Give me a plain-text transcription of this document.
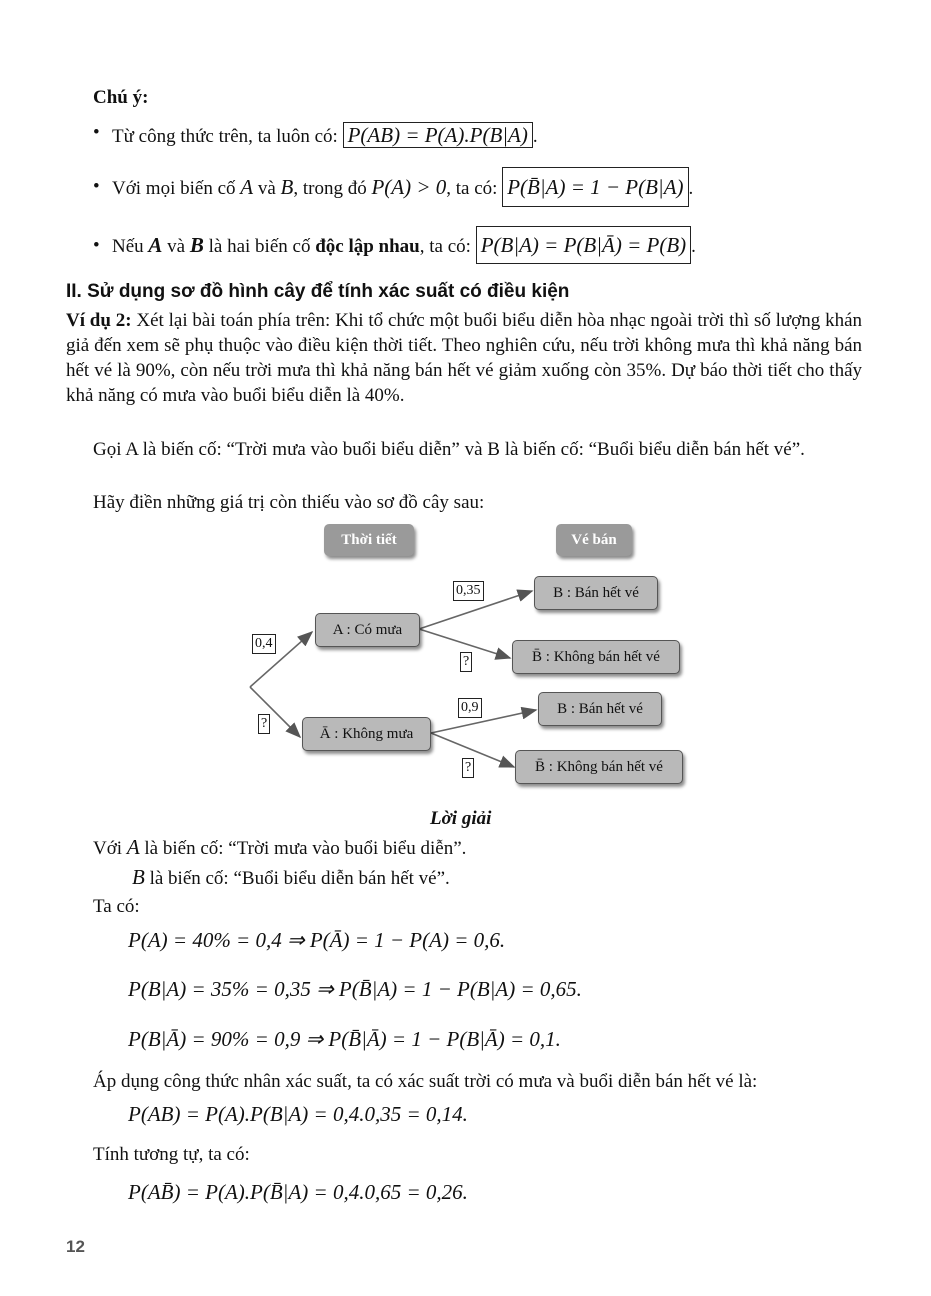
Chú ý:
• Từ công thức trên, ta luôn có: P(AB) = P(A).P(B|A) .
• Với mọi biến cố A và B, trong đó P(A) > 0, ta có: P(B̄|A) = 1 − P(B|A) .
• Nếu A và B là hai biến cố độc lập nhau, ta có: P(B|A) = P(B|Ā) = P(B) .
II. Sử dụng sơ đồ hình cây để tính xác suất có điều kiện
Ví dụ 2: Xét lại bài toán phía trên: Khi tổ chức một buổi biểu diễn hòa nhạc ngoài trời thì số lượng khán giả đến xem sẽ phụ thuộc vào điều kiện thời tiết. Theo nghiên cứu, nếu trời không mưa thì khả năng bán hết vé là 90%, còn nếu trời mưa thì khả năng bán hết vé giảm xuống còn 35%. Dự báo thời tiết cho thấy khả năng có mưa vào buổi biểu diễn là 40%.
Gọi A là biến cố: “Trời mưa vào buổi biểu diễn” và B là biến cố: “Buổi biểu diễn bán hết vé”.
Hãy điền những giá trị còn thiếu vào sơ đồ cây sau:
Thời tiết	Vé bán
A : Có mưa
Ā : Không mưa
B : Bán hết vé
B̄ : Không bán hết vé
B : Bán hết vé
B̄ : Không bán hết vé
0,4
?
0,35
?
0,9
?
Lời giải
Với A là biến cố: “Trời mưa vào buổi biểu diễn”.
B là biến cố: “Buổi biểu diễn bán hết vé”.
Ta có:
P(A) = 40% = 0,4 ⇒ P(Ā) = 1 − P(A) = 0,6.
P(B|A) = 35% = 0,35 ⇒ P(B̄|A) = 1 − P(B|A) = 0,65.
P(B|Ā) = 90% = 0,9 ⇒ P(B̄|Ā) = 1 − P(B|Ā) = 0,1.
Áp dụng công thức nhân xác suất, ta có xác suất trời có mưa và buổi diễn bán hết vé là:
P(AB) = P(A).P(B|A) = 0,4.0,35 = 0,14.
Tính tương tự, ta có:
P(AB̄) = P(A).P(B̄|A) = 0,4.0,65 = 0,26.
12
